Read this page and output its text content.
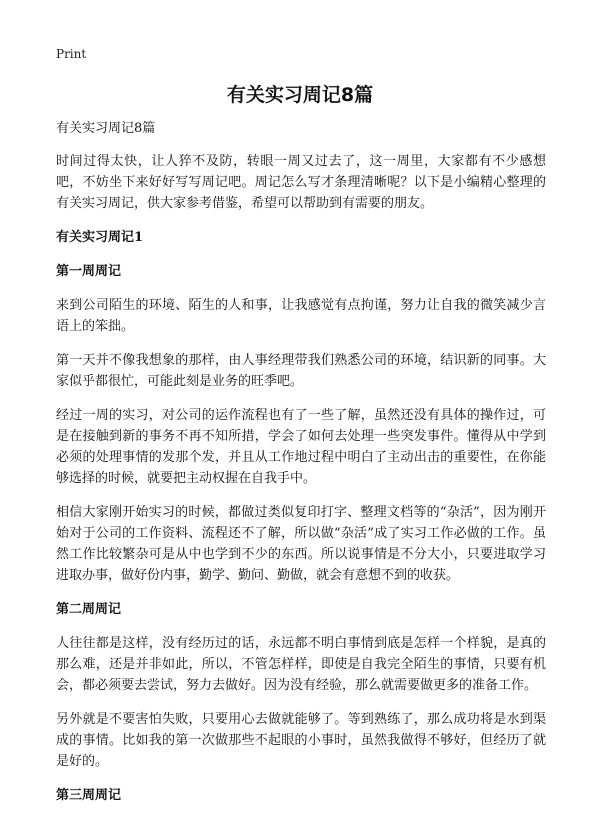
Print
有关实习周记8篇

有关实习周记8篇

时间过得太快，让人猝不及防，转眼一周又过去了，这一周里，大家都有不少感想吧，不妨坐下来好好写写周记吧。周记怎么写才条理清晰呢？以下是小编精心整理的有关实习周记，供大家参考借鉴，希望可以帮助到有需要的朋友。

有关实习周记1
第一周周记

来到公司陌生的环境、陌生的人和事，让我感觉有点拘谨，努力让自我的微笑减少言语上的笨拙。

第一天并不像我想象的那样，由人事经理带我们熟悉公司的环境，结识新的同事。大家似乎都很忙，可能此刻是业务的旺季吧。

经过一周的实习，对公司的运作流程也有了一些了解，虽然还没有具体的操作过，可是在接触到新的事务不再不知所措，学会了如何去处理一些突发事件。懂得从中学到必须的处理事情的发那个发，并且从工作地过程中明白了主动出击的重要性，在你能够选择的时候，就要把主动权握在自我手中。

相信大家刚开始实习的时候，都做过类似复印打字、整理文档等的“杂活”，因为刚开始对于公司的工作资料、流程还不了解，所以做“杂活”成了实习工作必做的工作。虽然工作比较繁杂可是从中也学到不少的东西。所以说事情是不分大小，只要进取学习进取办事，做好份内事，勤学、勤问、勤做，就会有意想不到的收获。

第二周周记

人往往都是这样，没有经历过的话，永远都不明白事情到底是怎样一个样貌，是真的那么难，还是并非如此，所以，不管怎样样，即使是自我完全陌生的事情，只要有机会，都必须要去尝试，努力去做好。因为没有经验，那么就需要做更多的准备工作。

另外就是不要害怕失败，只要用心去做就能够了。等到熟练了，那么成功将是水到渠成的事情。比如我的第一次做那些不起眼的小事时，虽然我做得不够好，但经历了就是好的。

第三周周记
